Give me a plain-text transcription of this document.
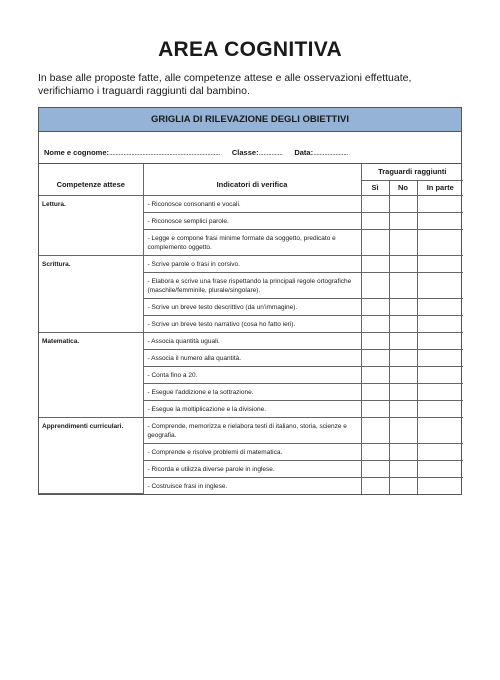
AREA COGNITIVA
In base alle proposte fatte, alle competenze attese e alle osservazioni effettuate, verifichiamo i traguardi raggiunti dal bambino.
GRIGLIA DI RILEVAZIONE DEGLI OBIETTIVI
Nome e cognome: ...................................................................... Classe: ............... Data: ......................
Competenze attese	Indicatori di verifica	Traguardi raggiunti		
		Sì	No	In parte
Lettura.	- Riconosce consonanti e vocali.			
	- Riconosce semplici parole.			
	- Legge e compone frasi minime formate da soggetto, predicato e complemento oggetto.			
Scrittura.	- Scrive parole o frasi in corsivo.			
	- Elabora e scrive una frase rispettando la principali regole ortografiche (maschile/femminile, plurale/singolare).			
	- Scrive un breve testo descrittivo (da un'immagine).			
	- Scrive un breve testo narrativo (cosa ho fatto ieri).			
Matematica.	- Associa quantità uguali.			
	- Associa il numero alla quantità.			
	- Conta fino a 20.			
	- Esegue l'addizione e la sottrazione.			
	- Esegue la moltiplicazione e la divisione.			
Apprendimenti curriculari.	- Comprende, memorizza e rielabora testi di italiano, storia, scienze e geografia.			
	- Comprende e risolve problemi di matematica.			
	- Ricorda e utilizza diverse parole in inglese.			
	- Costruisce frasi in inglese.			
